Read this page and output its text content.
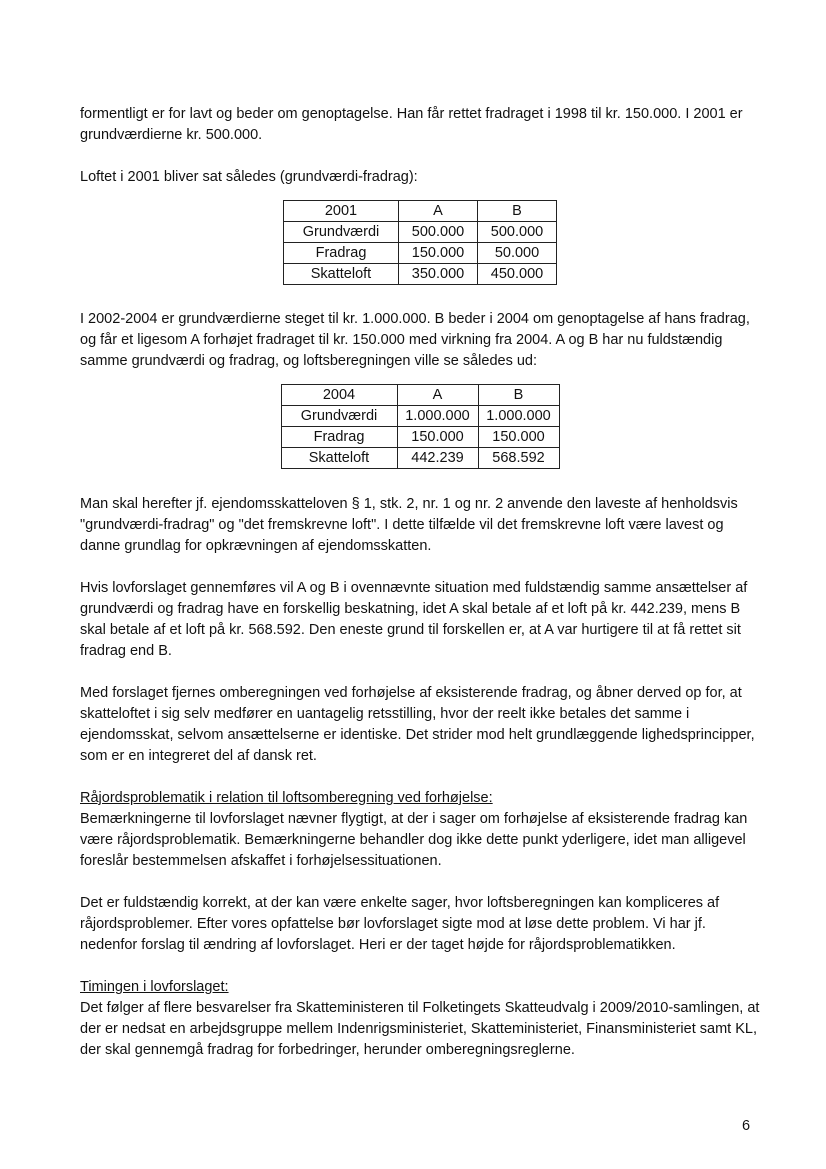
formentligt er for lavt og beder om genoptagelse. Han får rettet fradraget i 1998 til kr. 150.000. I 2001 er grundværdierne kr. 500.000.

Loftet i 2001 bliver sat således (grundværdi-fradrag):

2001	A	B
Grundværdi	500.000	500.000
Fradrag	150.000	50.000
Skatteloft	350.000	450.000

I 2002-2004 er grundværdierne steget til kr. 1.000.000. B beder i 2004 om genoptagelse af hans fradrag, og får et ligesom A forhøjet fradraget til kr. 150.000 med virkning fra 2004. A og B har nu fuldstændig samme grundværdi og fradrag, og loftsberegningen ville se således ud:

2004	A	B
Grundværdi	1.000.000	1.000.000
Fradrag	150.000	150.000
Skatteloft	442.239	568.592

Man skal herefter jf. ejendomsskatteloven § 1, stk. 2, nr. 1 og nr. 2 anvende den laveste af henholdsvis "grundværdi-fradrag" og "det fremskrevne loft". I dette tilfælde vil det fremskrevne loft være lavest og danne grundlag for opkrævningen af ejendomsskatten.

Hvis lovforslaget gennemføres vil A og B i ovennævnte situation med fuldstændig samme ansættelser af grundværdi og fradrag have en forskellig beskatning, idet A skal betale af et loft på kr. 442.239, mens B skal betale af et loft på kr. 568.592. Den eneste grund til forskellen er, at A var hurtigere til at få rettet sit fradrag end B.

Med forslaget fjernes omberegningen ved forhøjelse af eksisterende fradrag, og åbner derved op for, at skatteloftet i sig selv medfører en uantagelig retsstilling, hvor der reelt ikke betales det samme i ejendomsskat, selvom ansættelserne er identiske. Det strider mod helt grundlæggende lighedsprincipper, som er en integreret del af dansk ret.

Råjordsproblematik i relation til loftsomberegning ved forhøjelse:

Bemærkningerne til lovforslaget nævner flygtigt, at der i sager om forhøjelse af eksisterende fradrag kan være råjordsproblematik. Bemærkningerne behandler dog ikke dette punkt yderligere, idet man alligevel foreslår bestemmelsen afskaffet i forhøjelsessituationen.

Det er fuldstændig korrekt, at der kan være enkelte sager, hvor loftsberegningen kan kompliceres af råjordsproblemer. Efter vores opfattelse bør lovforslaget sigte mod at løse dette problem. Vi har jf. nedenfor forslag til ændring af lovforslaget. Heri er der taget højde for råjordsproblematikken.

Timingen i lovforslaget:

Det følger af flere besvarelser fra Skatteministeren til Folketingets Skatteudvalg i 2009/2010-samlingen, at der er nedsat en arbejdsgruppe mellem Indenrigsministeriet, Skatteministeriet, Finansministeriet samt KL, der skal gennemgå fradrag for forbedringer, herunder omberegningsreglerne.

6
